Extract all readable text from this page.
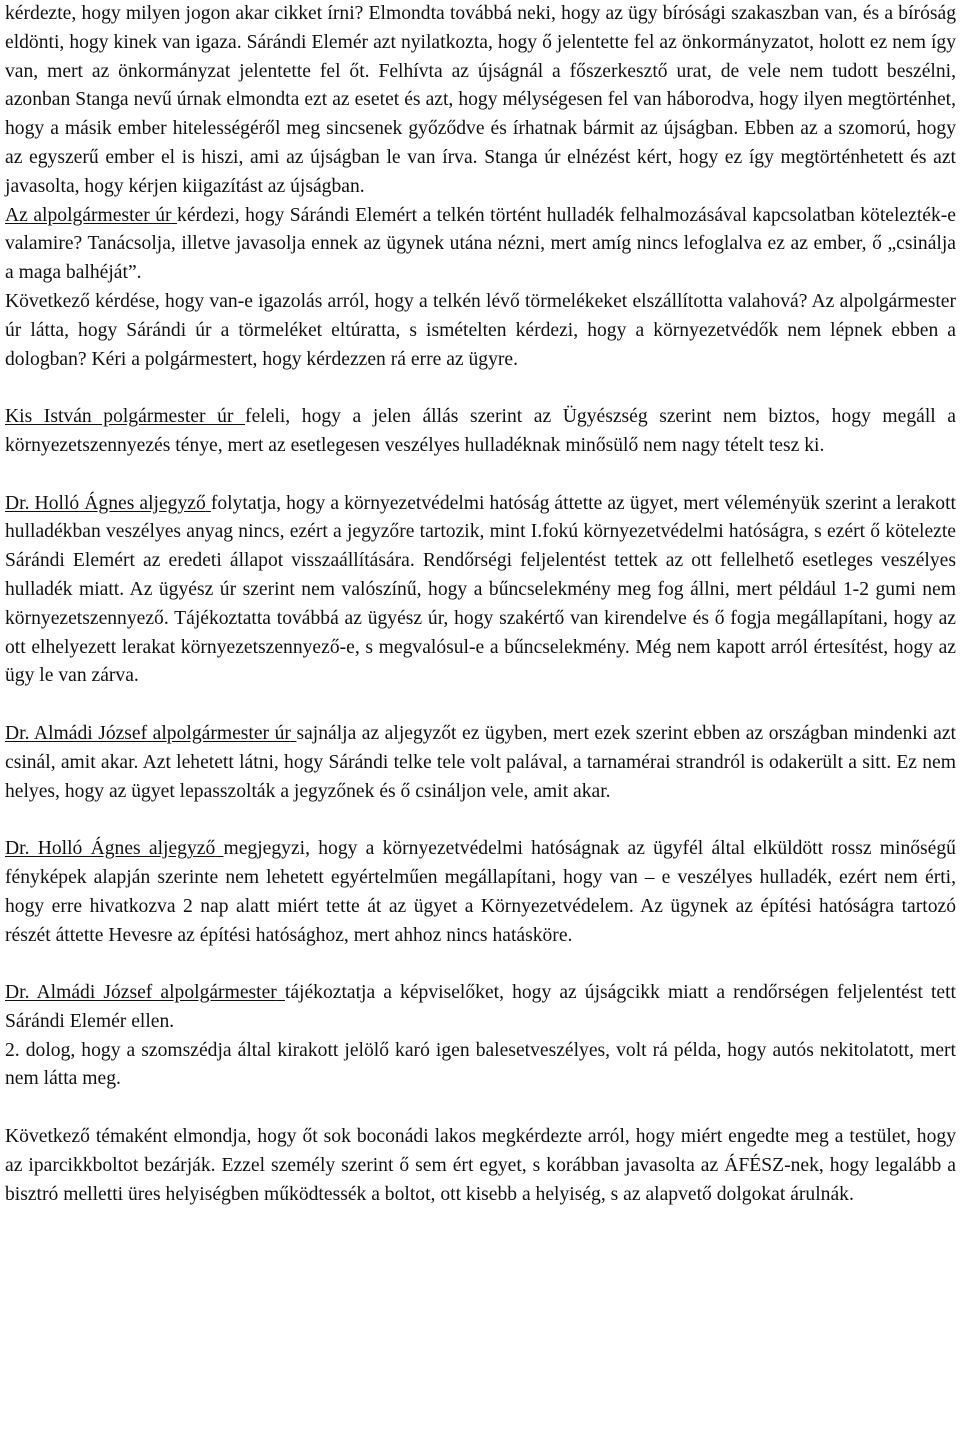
kérdezte, hogy milyen jogon akar cikket írni? Elmondta továbbá neki, hogy az ügy bírósági szakaszban van, és a bíróság eldönti, hogy kinek van igaza. Sárándi Elemér azt nyilatkozta, hogy ő jelentette fel az önkormányzatot, holott ez nem így van, mert az önkormányzat jelentette fel őt. Felhívta az újságnál a főszerkesztő urat, de vele nem tudott beszélni, azonban Stanga nevű úrnak elmondta ezt az esetet és azt, hogy mélységesen fel van háborodva, hogy ilyen megtörténhet, hogy a másik ember hitelességéről meg sincsenek győződve és írhatnak bármit az újságban. Ebben az a szomorú, hogy az egyszerű ember el is hiszi, ami az újságban le van írva. Stanga úr elnézést kért, hogy ez így megtörténhetett és azt javasolta, hogy kérjen kiigazítást az újságban.

Az alpolgármester úr kérdezi, hogy Sárándi Elemért a telkén történt hulladék felhalmozásával kapcsolatban kötelezték-e valamire? Tanácsolja, illetve javasolja ennek az ügynek utána nézni, mert amíg nincs lefoglalva ez az ember, ő „csinálja a maga balhéját”.

Következő kérdése, hogy van-e igazolás arról, hogy a telkén lévő törmelékeket elszállította valahová? Az alpolgármester úr látta, hogy Sárándi úr a törmeléket eltúratta, s ismételten kérdezi, hogy a környezetvédők nem lépnek ebben a dologban? Kéri a polgármestert, hogy kérdezzen rá erre az ügyre.

Kis István polgármester úr feleli, hogy a jelen állás szerint az Ügyészség szerint nem biztos, hogy megáll a környezetszennyezés ténye, mert az esetlegesen veszélyes hulladéknak minősülő nem nagy tételt tesz ki.

Dr. Holló Ágnes aljegyző folytatja, hogy a környezetvédelmi hatóság áttette az ügyet, mert véleményük szerint a lerakott hulladékban veszélyes anyag nincs, ezért a jegyzőre tartozik, mint I.fokú környezetvédelmi hatóságra, s ezért ő kötelezte Sárándi Elemért az eredeti állapot visszaállítására. Rendőrségi feljelentést tettek az ott fellelhető esetleges veszélyes hulladék miatt. Az ügyész úr szerint nem valószínű, hogy a bűncselekmény meg fog állni, mert például 1-2 gumi nem környezetszennyező. Tájékoztatta továbbá az ügyész úr, hogy szakértő van kirendelve és ő fogja megállapítani, hogy az ott elhelyezett lerakat környezetszennyező-e, s megvalósul-e a bűncselekmény. Még nem kapott arról értesítést, hogy az ügy le van zárva.

Dr. Almádi József alpolgármester úr sajnálja az aljegyzőt ez ügyben, mert ezek szerint ebben az országban mindenki azt csinál, amit akar. Azt lehetett látni, hogy Sárándi telke tele volt palával, a tarnamérai strandról is odakerült a sitt. Ez nem helyes, hogy az ügyet lepasszolták a jegyzőnek és ő csináljon vele, amit akar.

Dr. Holló Ágnes aljegyző megjegyzi, hogy a környezetvédelmi hatóságnak az ügyfél által elküldött rossz minőségű fényképek alapján szerinte nem lehetett egyértelműen megállapítani, hogy van – e veszélyes hulladék, ezért nem érti, hogy erre hivatkozva 2 nap alatt miért tette át az ügyet a Környezetvédelem. Az ügynek az építési hatóságra tartozó részét áttette Hevesre az építési hatósághoz, mert ahhoz nincs hatásköre.

Dr. Almádi József alpolgármester tájékoztatja a képviselőket, hogy az újságcikk miatt a rendőrségen feljelentést tett Sárándi Elemér ellen.

2. dolog, hogy a szomszédja által kirakott jelölő karó igen balesetveszélyes, volt rá példa, hogy autós nekitolatott, mert nem látta meg.

Következő témaként elmondja, hogy őt sok boconádi lakos megkérdezte arról, hogy miért engedte meg a testület, hogy az iparcikkboltot bezárják. Ezzel személy szerint ő sem ért egyet, s korábban javasolta az ÁFÉSZ-nek, hogy legalább a bisztró melletti üres helyiségben működtessék a boltot, ott kisebb a helyiség, s az alapvető dolgokat árulnák.
